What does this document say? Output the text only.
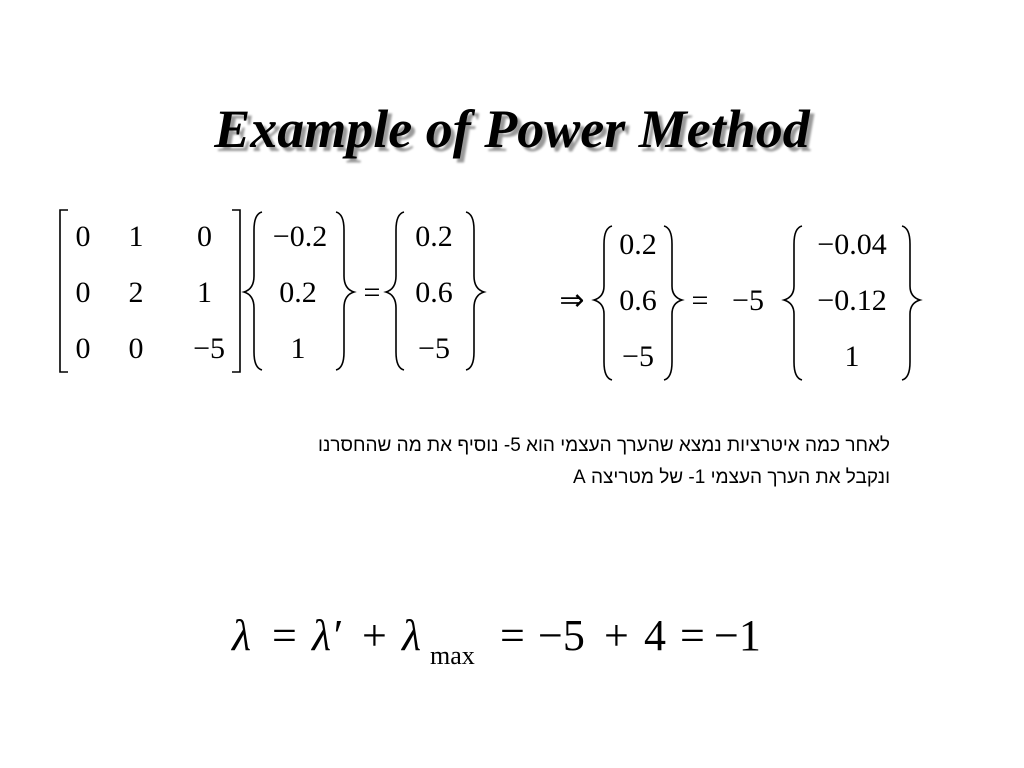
Example of Power Method
0 1 0
0 2 1
0 0 −5
−0.2
0.2
1
=
0.2
0.6
−5
⇒
0.2
0.6
−5
= −5
−0.04
−0.12
1
λ = λ′ + λ max = −5 + 4 = −1
לאחר כמה איטרציות נמצא שהערך העצמי הוא 5- נוסיף את מה שהחסרנו
ונקבל את הערך העצמי 1- של מטריצה A
